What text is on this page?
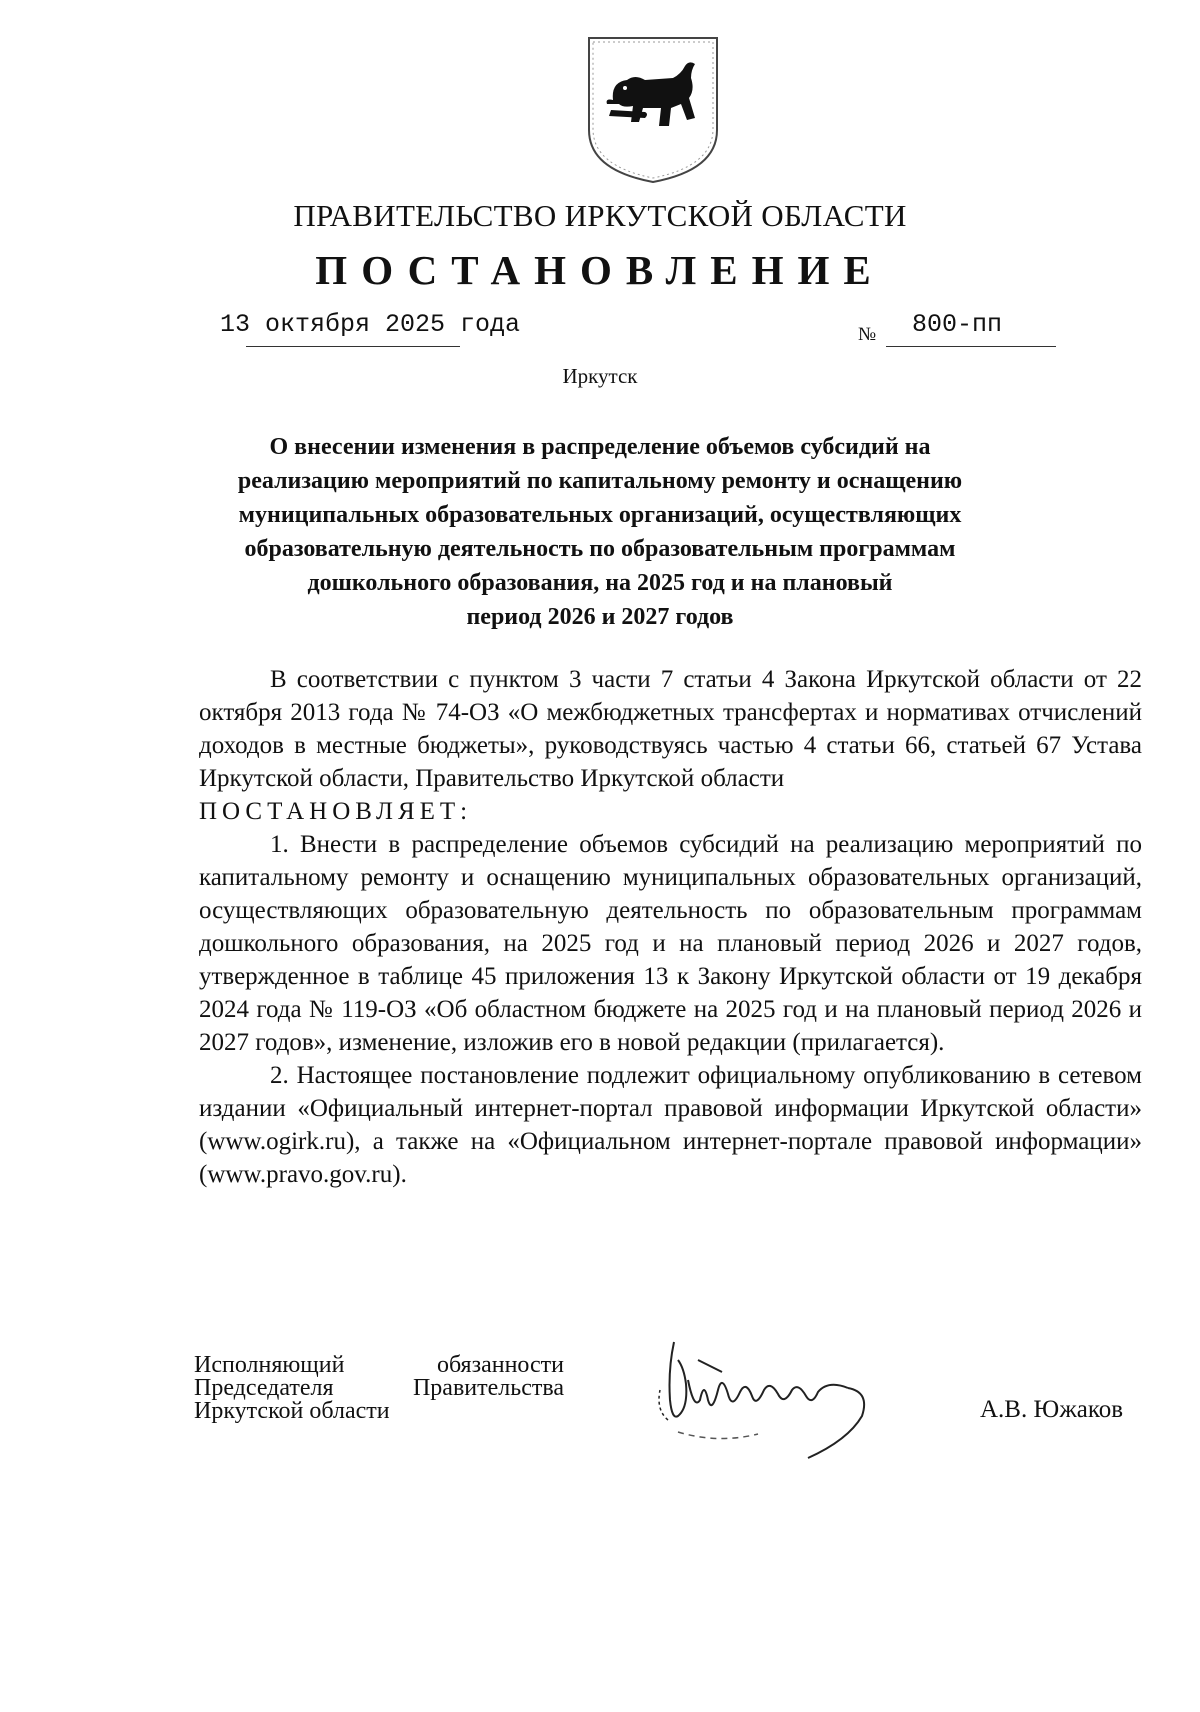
ПРАВИТЕЛЬСТВО ИРКУТСКОЙ ОБЛАСТИ
ПОСТАНОВЛЕНИЕ
13 октября 2025 года	№ 800-пп
Иркутск
О внесении изменения в распределение объемов субсидий на
реализацию мероприятий по капитальному ремонту и оснащению
муниципальных образовательных организаций, осуществляющих
образовательную деятельность по образовательным программам
дошкольного образования, на 2025 год и на плановый
период 2026 и 2027 годов

В соответствии с пунктом 3 части 7 статьи 4 Закона Иркутской области от 22 октября 2013 года № 74-ОЗ «О межбюджетных трансфертах и нормативах отчислений доходов в местные бюджеты», руководствуясь частью 4 статьи 66, статьей 67 Устава Иркутской области, Правительство Иркутской области

ПОСТАНОВЛЯЕТ:

1. Внести в распределение объемов субсидий на реализацию мероприятий по капитальному ремонту и оснащению муниципальных образовательных организаций, осуществляющих образовательную деятельность по образовательным программам дошкольного образования, на 2025 год и на плановый период 2026 и 2027 годов, утвержденное в таблице 45 приложения 13 к Закону Иркутской области от 19 декабря 2024 года № 119-ОЗ «Об областном бюджете на 2025 год и на плановый период 2026 и 2027 годов», изменение, изложив его в новой редакции (прилагается).

2. Настоящее постановление подлежит официальному опубликованию в сетевом издании «Официальный интернет-портал правовой информации Иркутской области» (www.ogirk.ru), а также на «Официальном интернет-портале правовой информации» (www.pravo.gov.ru).

Исполняющий обязанности
Председателя Правительства
Иркутской области	А.В. Южаков
